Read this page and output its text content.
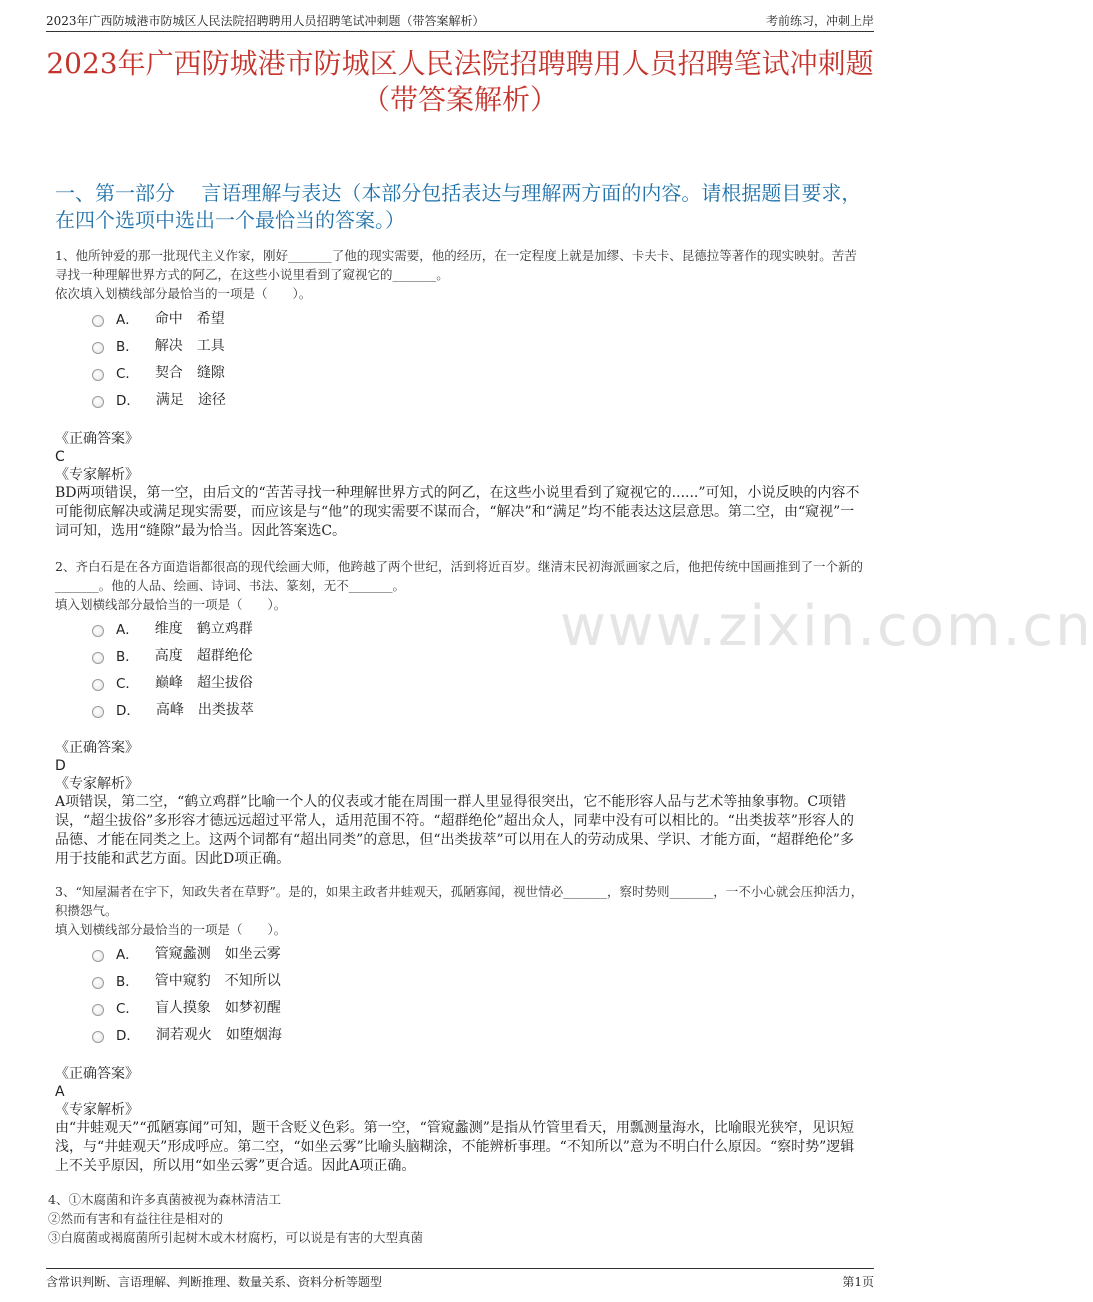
2023年广西防城港市防城区人民法院招聘聘用人员招聘笔试冲刺题（带答案解析）	考前练习，冲刺上岸
2023年广西防城港市防城区人民法院招聘聘用人员招聘笔试冲刺题（带答案解析）
一、第一部分　 言语理解与表达（本部分包括表达与理解两方面的内容。请根据题目要求，在四个选项中选出一个最恰当的答案。）
1、他所钟爱的那一批现代主义作家，刚好_______了他的现实需要，他的经历，在一定程度上就是加缪、卡夫卡、昆德拉等著作的现实映射。苦苦寻找一种理解世界方式的阿乙，在这些小说里看到了窥视它的_______。
依次填入划横线部分最恰当的一项是（　　）。
A． 命中 希望
B． 解决 工具
C． 契合 缝隙
D． 满足 途径
《正确答案》
C
《专家解析》
BD两项错误，第一空，由后文的“苦苦寻找一种理解世界方式的阿乙，在这些小说里看到了窥视它的......”可知，小说反映的内容不可能彻底解决或满足现实需要，而应该是与“他”的现实需要不谋而合，“解决”和“满足”均不能表达这层意思。第二空，由“窥视”一词可知，选用“缝隙”最为恰当。因此答案选C。
2、齐白石是在各方面造诣都很高的现代绘画大师，他跨越了两个世纪，活到将近百岁。继清末民初海派画家之后，他把传统中国画推到了一个新的_______。他的人品、绘画、诗词、书法、篆刻，无不_______。
填入划横线部分最恰当的一项是（　　）。
A． 维度 鹤立鸡群
B． 高度 超群绝伦
C． 巅峰 超尘拔俗
D． 高峰 出类拔萃
《正确答案》
D
《专家解析》
A项错误，第二空，“鹤立鸡群”比喻一个人的仪表或才能在周围一群人里显得很突出，它不能形容人品与艺术等抽象事物。C项错误，“超尘拔俗”多形容才德远远超过平常人，适用范围不符。“超群绝伦”超出众人，同辈中没有可以相比的。“出类拔萃”形容人的品德、才能在同类之上。这两个词都有“超出同类”的意思，但“出类拔萃”可以用在人的劳动成果、学识、才能方面，“超群绝伦”多用于技能和武艺方面。因此D项正确。
3、“知屋漏者在宇下，知政失者在草野”。是的，如果主政者井蛙观天，孤陋寡闻，视世情必_______，察时势则_______，一不小心就会压抑活力，积攒怨气。
填入划横线部分最恰当的一项是（　　）。
A． 管窥蠡测 如坐云雾
B． 管中窥豹 不知所以
C． 盲人摸象 如梦初醒
D． 洞若观火 如堕烟海
《正确答案》
A
《专家解析》
由“井蛙观天”“孤陋寡闻”可知，题干含贬义色彩。第一空，“管窥蠡测”是指从竹管里看天，用瓢测量海水，比喻眼光狭窄，见识短浅，与“井蛙观天”形成呼应。第二空，“如坐云雾”比喻头脑糊涂，不能辨析事理。“不知所以”意为不明白什么原因。“察时势”逻辑上不关乎原因，所以用“如坐云雾”更合适。因此A项正确。
4、①木腐菌和许多真菌被视为森林清洁工
②然而有害和有益往往是相对的
③白腐菌或褐腐菌所引起树木或木材腐朽，可以说是有害的大型真菌
www.zixin.com.cn
含常识判断、言语理解、判断推理、数量关系、资料分析等题型	第1页
